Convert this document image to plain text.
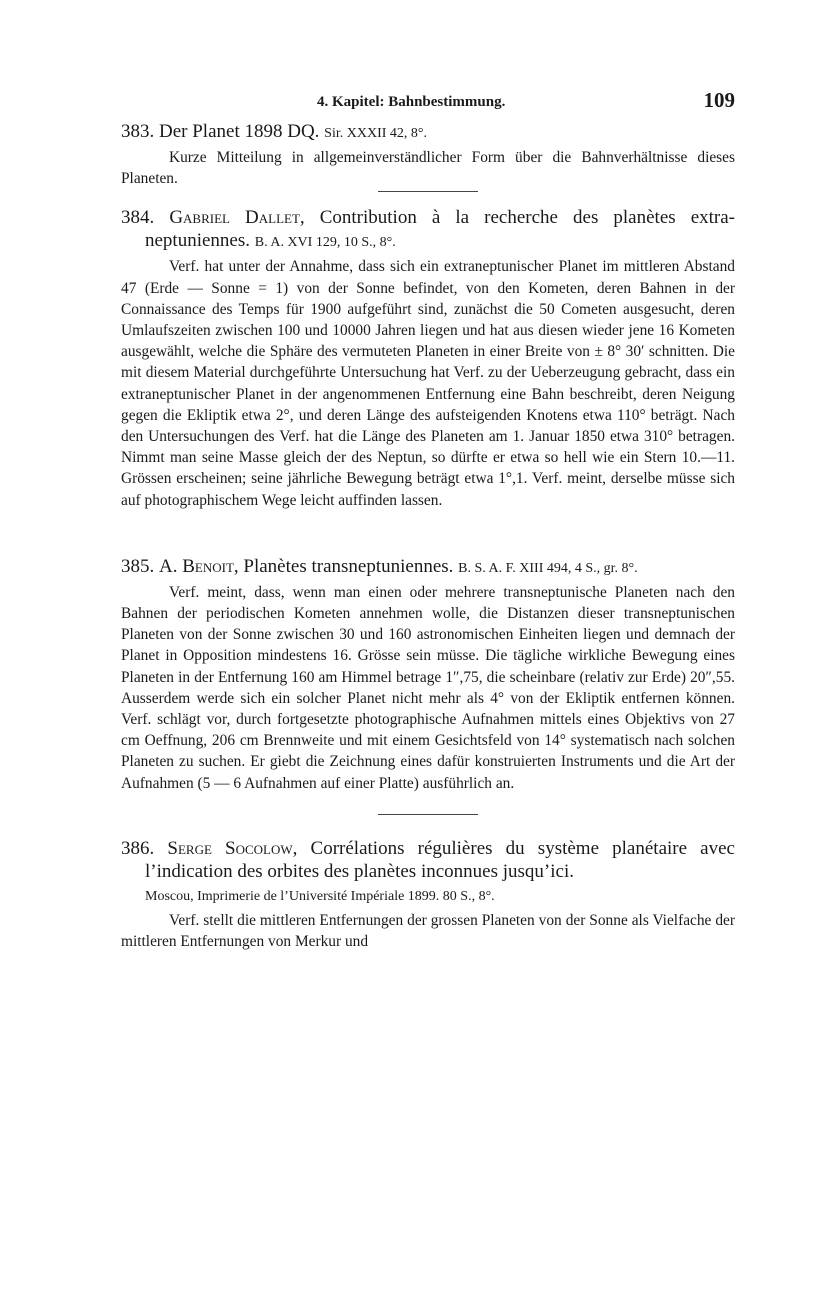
4. Kapitel: Bahnbestimmung.	109
383. Der Planet 1898 DQ. Sir. XXXII 42, 8°.

Kurze Mitteilung in allgemeinverständlicher Form über die Bahnverhältnisse dieses Planeten.

384. Gabriel Dallet, Contribution à la recherche des planètes extra-neptuniennes. B. A. XVI 129, 10 S., 8°.

Verf. hat unter der Annahme, dass sich ein extraneptunischer Planet im mittleren Abstand 47 (Erde — Sonne = 1) von der Sonne befindet, von den Kometen, deren Bahnen in der Connaissance des Temps für 1900 aufgeführt sind, zunächst die 50 Cometen ausgesucht, deren Umlaufszeiten zwischen 100 und 10000 Jahren liegen und hat aus diesen wieder jene 16 Kometen ausgewählt, welche die Sphäre des vermuteten Planeten in einer Breite von ± 8° 30′ schnitten. Die mit diesem Material durchgeführte Untersuchung hat Verf. zu der Ueberzeugung gebracht, dass ein extraneptunischer Planet in der angenommenen Entfernung eine Bahn beschreibt, deren Neigung gegen die Ekliptik etwa 2°, und deren Länge des aufsteigenden Knotens etwa 110° beträgt. Nach den Untersuchungen des Verf. hat die Länge des Planeten am 1. Januar 1850 etwa 310° betragen. Nimmt man seine Masse gleich der des Neptun, so dürfte er etwa so hell wie ein Stern 10.—11. Grössen erscheinen; seine jährliche Bewegung beträgt etwa 1°,1. Verf. meint, derselbe müsse sich auf photographischem Wege leicht auffinden lassen.

385. A. Benoit, Planètes transneptuniennes. B. S. A. F. XIII 494, 4 S., gr. 8°.

Verf. meint, dass, wenn man einen oder mehrere transneptunische Planeten nach den Bahnen der periodischen Kometen annehmen wolle, die Distanzen dieser transneptunischen Planeten von der Sonne zwischen 30 und 160 astronomischen Einheiten liegen und demnach der Planet in Opposition mindestens 16. Grösse sein müsse. Die tägliche wirkliche Bewegung eines Planeten in der Entfernung 160 am Himmel betrage 1″,75, die scheinbare (relativ zur Erde) 20″,55. Ausserdem werde sich ein solcher Planet nicht mehr als 4° von der Ekliptik entfernen können. Verf. schlägt vor, durch fortgesetzte photographische Aufnahmen mittels eines Objektivs von 27 cm Oeffnung, 206 cm Brennweite und mit einem Gesichtsfeld von 14° systematisch nach solchen Planeten zu suchen. Er giebt die Zeichnung eines dafür konstruierten Instruments und die Art der Aufnahmen (5 — 6 Aufnahmen auf einer Platte) ausführlich an.

386. Serge Socolow, Corrélations régulières du système planétaire avec l’indication des orbites des planètes inconnues jusqu’ici.
Moscou, Imprimerie de l’Université Impériale 1899. 80 S., 8°.

Verf. stellt die mittleren Entfernungen der grossen Planeten von der Sonne als Vielfache der mittleren Entfernungen von Merkur und
